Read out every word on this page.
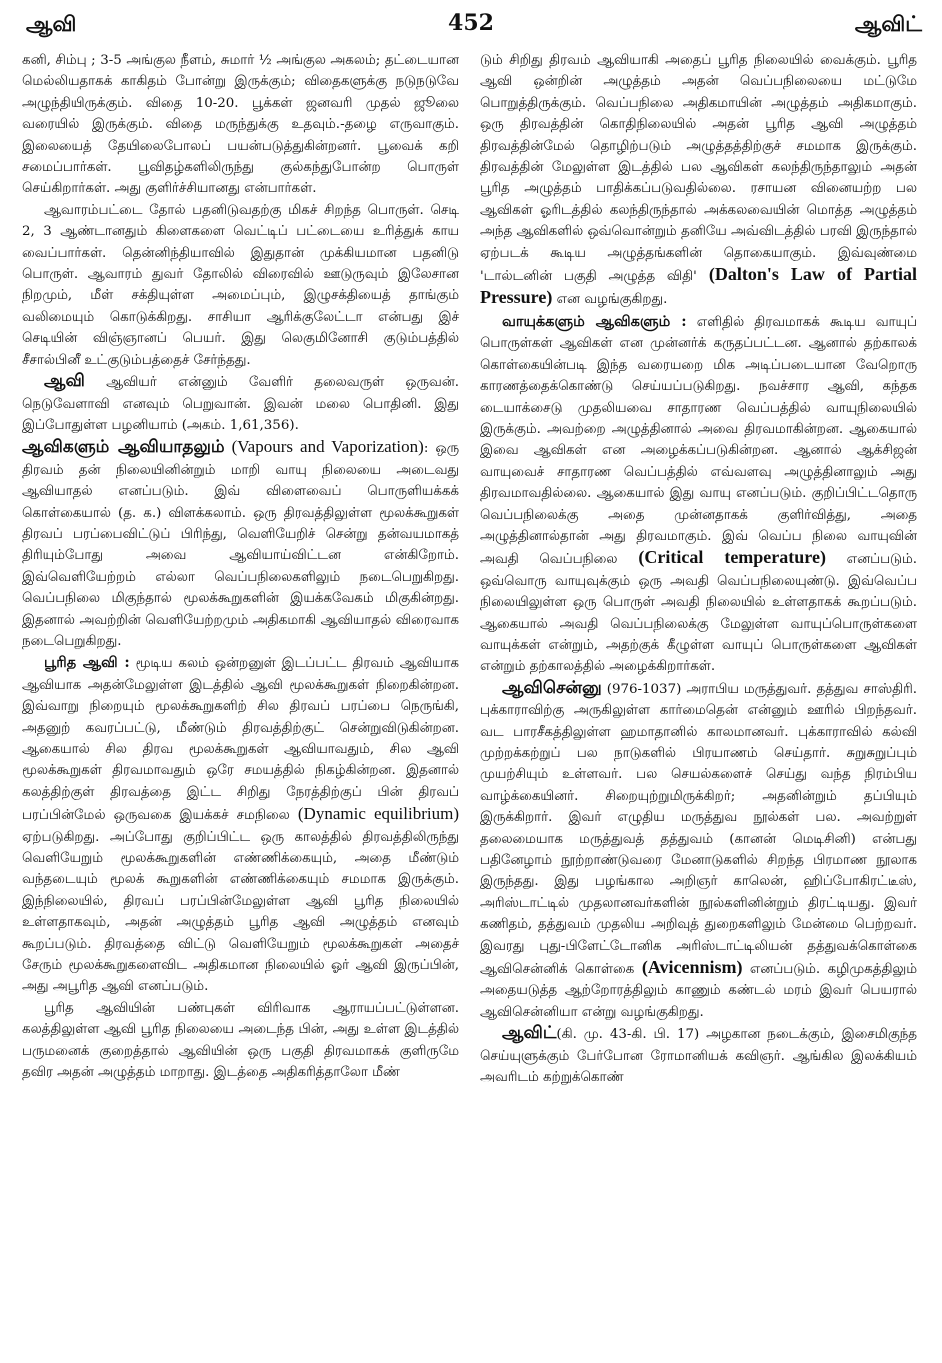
452
ஆவி	ஆவிட்

கனி, சிம்பு ; 3-5 அங்குல நீளம், சுமார் ½ அங்குல அகலம்; தட்டையான மெல்லியதாகக் காகிதம் போன்று இருக்கும்; விதைகளுக்கு நடுநடுவே அழுந்தியிருக்கும். விதை 10-20. பூக்கள் ஜனவரி முதல் ஜூலை வரையில் இருக்கும். விதை மருந்துக்கு உதவும்.-தழை எருவாகும். இலையைத் தேயிலைபோலப் பயன்படுத்துகின்றனர். பூவைக் கறி சமைப்பார்கள். பூவிதழ்களிலிருந்து குல்கந்துபோன்ற பொருள் செய்கிறார்கள். அது குளிர்ச்சியானது என்பார்கள்.

ஆவாரம்பட்டை தோல் பதனிடுவதற்கு மிகச் சிறந்த பொருள். செடி 2, 3 ஆண்டானதும் கிளைகளை வெட்டிப் பட்டையை உரித்துக் காய வைப்பார்கள். தென்னிந்தியாவில் இதுதான் முக்கியமான பதனிடு பொருள். ஆவாரம் துவர் தோலில் விரைவில் ஊடுருவும் இலேசான நிறமும், மீள் சக்தியுள்ள அமைப்பும், இழுசக்தியைத் தாங்கும் வலிமையும் கொடுக்கிறது. சாசியா ஆரிக்குலேட்டா என்பது இச் செடியின் விஞ்ஞானப் பெயர். இது லெகுமினோசி குடும்பத்தில் சீசால்பினீ உட்குடும்பத்தைச் சேர்ந்தது.

ஆவி ஆவியர் என்னும் வேளிர் தலைவருள் ஒருவன். நெடுவேளாவி எனவும் பெறுவான். இவன் மலை பொதினி. இது இப்போதுள்ள பழனியாம் (அகம். 1,61,356).

ஆவிகளும் ஆவியாதலும் (Vapours and Vaporization): ஒரு திரவம் தன் நிலையினின்றும் மாறி வாயு நிலையை அடைவது ஆவியாதல் எனப்படும். இவ் விளைவைப் பொருளியக்கக் கொள்கையால் (த. க.) விளக்கலாம். ஒரு திரவத்திலுள்ள மூலக்கூறுகள் திரவப் பரப்பைவிட்டுப் பிரிந்து, வெளியேறிச் சென்று தன்வயமாகத் திரியும்போது அவை ஆவியாய்விட்டன என்கிறோம். இவ்வெளியேற்றம் எல்லா வெப்பநிலைகளிலும் நடைபெறுகிறது. வெப்பநிலை மிகுந்தால் மூலக்கூறுகளின் இயக்கவேகம் மிகுகின்றது. இதனால் அவற்றின் வெளியேற்றமும் அதிகமாகி ஆவியாதல் விரைவாக நடைபெறுகிறது.

பூரித ஆவி : மூடிய கலம் ஒன்றனுள் இடப்பட்ட திரவம் ஆவியாக ஆவியாக அதன்மேலுள்ள இடத்தில் ஆவி மூலக்கூறுகள் நிறைகின்றன. இவ்வாறு நிறையும் மூலக்கூறுகளிற் சில திரவப் பரப்பை நெருங்கி, அதனுற் கவரப்பட்டு, மீண்டும் திரவத்திற்குட் சென்றுவிடுகின்றன. ஆகையால் சில திரவ மூலக்கூறுகள் ஆவியாவதும், சில ஆவி மூலக்கூறுகள் திரவமாவதும் ஒரே சமயத்தில் நிகழ்கின்றன. இதனால் கலத்திற்குள் திரவத்தை இட்ட சிறிது நேரத்திற்குப் பின் திரவப் பரப்பின்மேல் ஒருவகை இயக்கச் சமநிலை (Dynamic equilibrium) ஏற்படுகிறது. அப்போது குறிப்பிட்ட ஒரு காலத்தில் திரவத்திலிருந்து வெளியேறும் மூலக்கூறுகளின் எண்ணிக்கையும், அதை மீண்டும் வந்தடையும் மூலக் கூறுகளின் எண்ணிக்கையும் சமமாக இருக்கும். இந்நிலையில், திரவப் பரப்பின்மேலுள்ள ஆவி பூரித நிலையில் உள்ளதாகவும், அதன் அழுத்தம் பூரித ஆவி அழுத்தம் எனவும் கூறப்படும். திரவத்தை விட்டு வெளியேறும் மூலக்கூறுகள் அதைச் சேரும் மூலக்கூறுகளைவிட அதிகமான நிலையில் ஓர் ஆவி இருப்பின், அது அபூரித ஆவி எனப்படும்.

பூரித ஆவியின் பண்புகள் விரிவாக ஆராயப்பட்டுள்ளன. கலத்திலுள்ள ஆவி பூரித நிலையை அடைந்த பின், அது உள்ள இடத்தில் பருமனைக் குறைத்தால் ஆவியின் ஒரு பகுதி திரவமாகக் குளிருமே தவிர அதன் அழுத்தம் மாறாது. இடத்தை அதிகரித்தாலோ மீண்

டும் சிறிது திரவம் ஆவியாகி அதைப் பூரித நிலையில் வைக்கும். பூரித ஆவி ஒன்றின் அழுத்தம் அதன் வெப்பநிலையை மட்டுமே பொறுத்திருக்கும். வெப்பநிலை அதிகமாயின் அழுத்தம் அதிகமாகும். ஒரு திரவத்தின் கொதிநிலையில் அதன் பூரித ஆவி அழுத்தம் திரவத்தின்மேல் தொழிற்படும் அழுத்தத்திற்குச் சமமாக இருக்கும். திரவத்தின் மேலுள்ள இடத்தில் பல ஆவிகள் கலந்திருந்தாலும் அதன் பூரித அழுத்தம் பாதிக்கப்படுவதில்லை. ரசாயன வினையற்ற பல ஆவிகள் ஓரிடத்தில் கலந்திருந்தால் அக்கலவையின் மொத்த அழுத்தம் அந்த ஆவிகளில் ஒவ்வொன்றும் தனியே அவ்விடத்தில் பரவி இருந்தால் ஏற்படக் கூடிய அழுத்தங்களின் தொகையாகும். இவ்வுண்மை 'டால்டனின் பகுதி அழுத்த விதி' (Dalton's Law of Partial Pressure) என வழங்குகிறது.

வாயுக்களும் ஆவிகளும் : எளிதில் திரவமாகக் கூடிய வாயுப் பொருள்கள் ஆவிகள் என முன்னர்க் கருதப்பட்டன. ஆனால் தற்காலக் கொள்கையின்படி இந்த வரையறை மிக அடிப்படையான வேறொரு காரணத்தைக்கொண்டு செய்யப்படுகிறது. நவச்சார ஆவி, கந்தக டையாக்சைடு முதலியவை சாதாரண வெப்பத்தில் வாயுநிலையில் இருக்கும். அவற்றை அழுத்தினால் அவை திரவமாகின்றன. ஆகையால் இவை ஆவிகள் என அழைக்கப்படுகின்றன. ஆனால் ஆக்சிஜன் வாயுவைச் சாதாரண வெப்பத்தில் எவ்வளவு அழுத்தினாலும் அது திரவமாவதில்லை. ஆகையால் இது வாயு எனப்படும். குறிப்பிட்டதொரு வெப்பநிலைக்கு அதை முன்னதாகக் குளிர்வித்து, அதை அழுத்தினால்தான் அது திரவமாகும். இவ் வெப்ப நிலை வாயுவின் அவதி வெப்பநிலை (Critical temperature) எனப்படும். ஒவ்வொரு வாயுவுக்கும் ஒரு அவதி வெப்பநிலையுண்டு. இவ்வெப்ப நிலையிலுள்ள ஒரு பொருள் அவதி நிலையில் உள்ளதாகக் கூறப்படும். ஆகையால் அவதி வெப்பநிலைக்கு மேலுள்ள வாயுப்பொருள்களை வாயுக்கள் என்றும், அதற்குக் கீழுள்ள வாயுப் பொருள்களை ஆவிகள் என்றும் தற்காலத்தில் அழைக்கிறார்கள்.

ஆவிசென்னு (976-1037) அராபிய மருத்துவர். தத்துவ சாஸ்திரி. புக்காராவிற்கு அருகிலுள்ள கார்மைதென் என்னும் ஊரில் பிறந்தவர். வட பாரசீகத்திலுள்ள ஹமாதானில் காலமானவர். புக்காராவில் கல்வி முற்றக்கற்றுப் பல நாடுகளில் பிரயாணம் செய்தார். சுறுசுறுப்பும் முயற்சியும் உள்ளவர். பல செயல்களைச் செய்து வந்த நிரம்பிய வாழ்க்கையினர். சிறையுற்றுமிருக்கிறர்; அதனின்றும் தப்பியும் இருக்கிறார். இவர் எழுதிய மருத்துவ நூல்கள் பல. அவற்றுள் தலைமையாக மருத்துவத் தத்துவம் (கானன் மெடிசினி) என்பது பதினேழாம் நூற்றாண்டுவரை மேனாடுகளில் சிறந்த பிரமாண நூலாக இருந்தது. இது பழங்கால அறிஞர் காலென், ஹிப்போகிரட்டீஸ், அரிஸ்டாட்டில் முதலானவர்களின் நூல்களினின்றும் திரட்டியது. இவர் கணிதம், தத்துவம் முதலிய அறிவுத் துறைகளிலும் மேன்மை பெற்றவர். இவரது புது-பிளேட்டோனிக அரிஸ்டாட்டிலியன் தத்துவக்கொள்கை ஆவிசென்னிக் கொள்கை (Avicennism) எனப்படும். கழிமுகத்திலும் அதையடுத்த ஆற்றோரத்திலும் காணும் கண்டல் மரம் இவர் பெயரால் ஆவிசென்னியா என்று வழங்குகிறது.

ஆவிட்(கி. மு. 43-கி. பி. 17) அழகான நடைக்கும், இசைமிகுந்த செய்யுளுக்கும் பேர்போன ரோமானியக் கவிஞர். ஆங்கில இலக்கியம் அவரிடம் கற்றுக்கொண்
